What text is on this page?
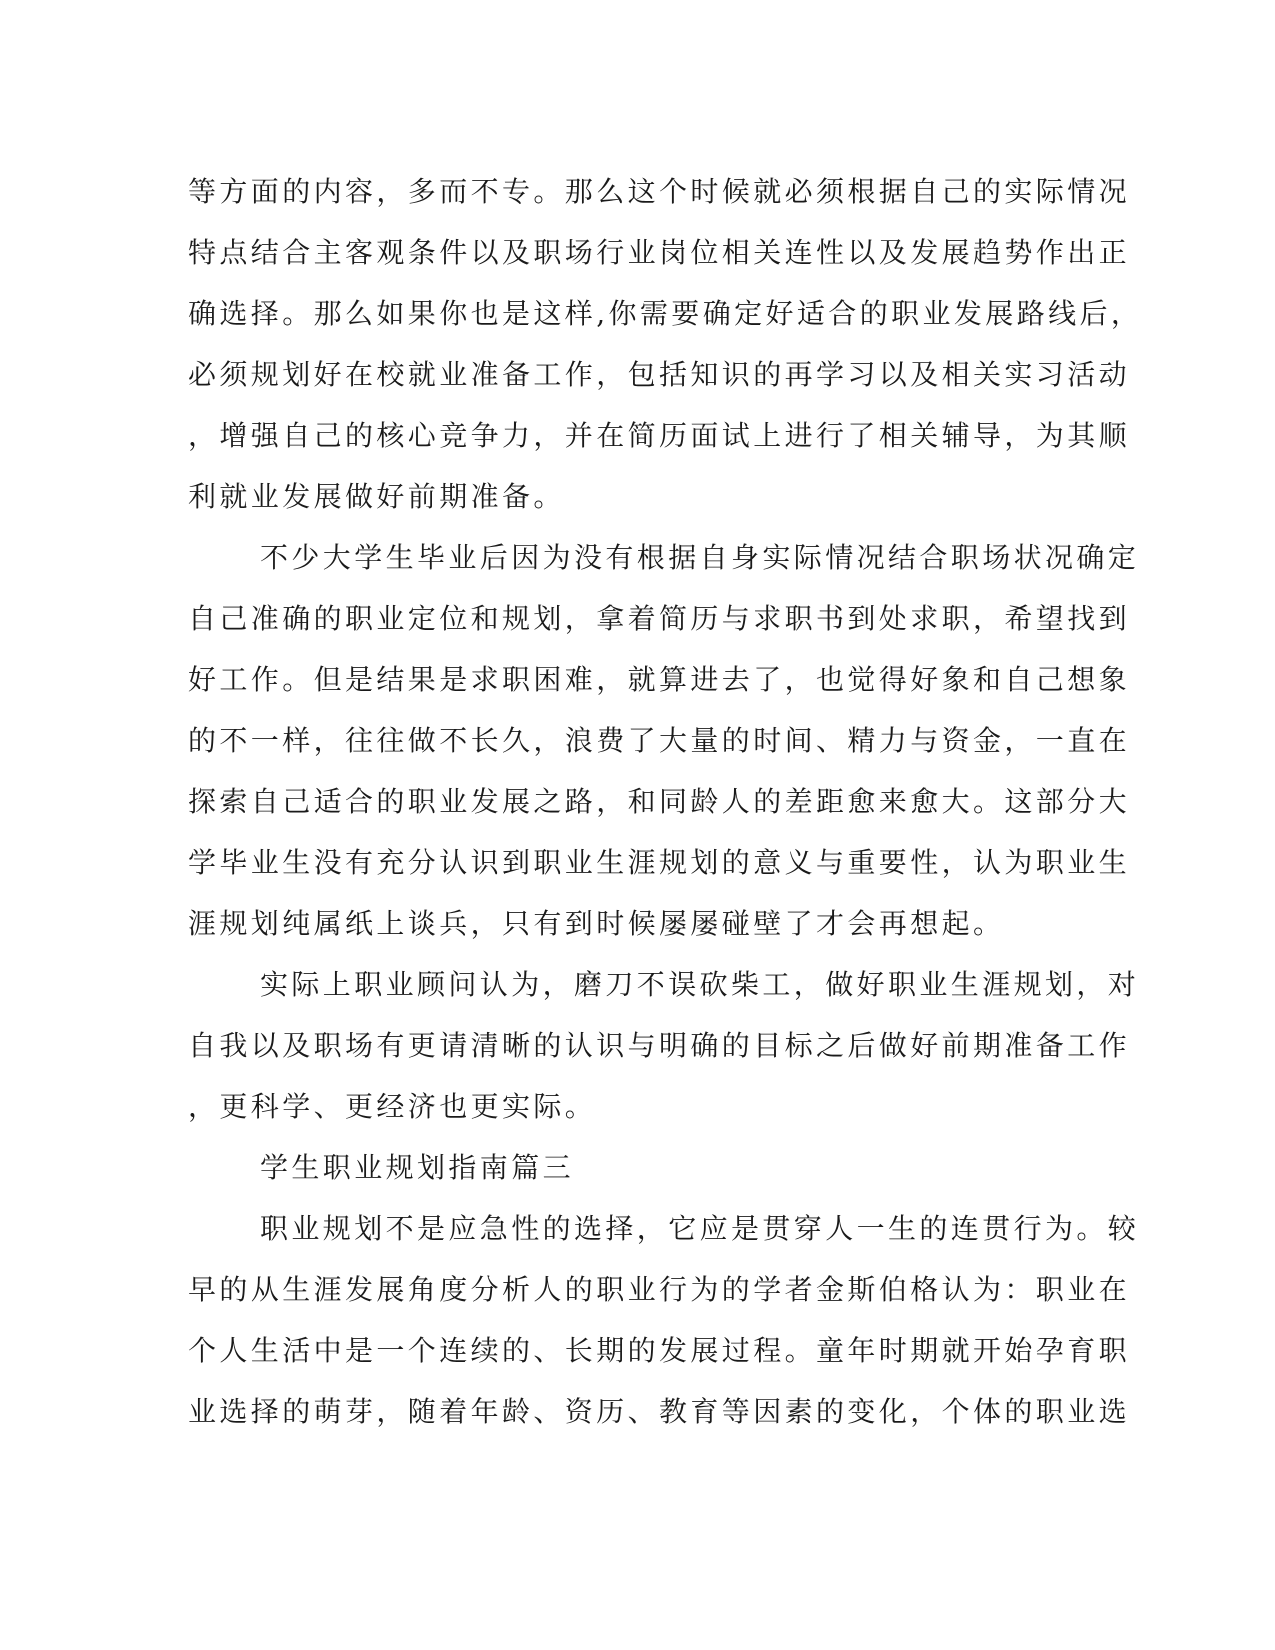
等方面的内容，多而不专。那么这个时候就必须根据自己的实际情况
特点结合主客观条件以及职场行业岗位相关连性以及发展趋势作出正
确选择。那么如果你也是这样,你需要确定好适合的职业发展路线后，
必须规划好在校就业准备工作，包括知识的再学习以及相关实习活动
，增强自己的核心竞争力，并在简历面试上进行了相关辅导，为其顺
利就业发展做好前期准备。
不少大学生毕业后因为没有根据自身实际情况结合职场状况确定
自己准确的职业定位和规划，拿着简历与求职书到处求职，希望找到
好工作。但是结果是求职困难，就算进去了，也觉得好象和自己想象
的不一样，往往做不长久，浪费了大量的时间、精力与资金，一直在
探索自己适合的职业发展之路，和同龄人的差距愈来愈大。这部分大
学毕业生没有充分认识到职业生涯规划的意义与重要性，认为职业生
涯规划纯属纸上谈兵，只有到时候屡屡碰壁了才会再想起。
实际上职业顾问认为，磨刀不误砍柴工，做好职业生涯规划，对
自我以及职场有更请清晰的认识与明确的目标之后做好前期准备工作
，更科学、更经济也更实际。
学生职业规划指南篇三
职业规划不是应急性的选择，它应是贯穿人一生的连贯行为。较
早的从生涯发展角度分析人的职业行为的学者金斯伯格认为：职业在
个人生活中是一个连续的、长期的发展过程。童年时期就开始孕育职
业选择的萌芽，随着年龄、资历、教育等因素的变化，个体的职业选
